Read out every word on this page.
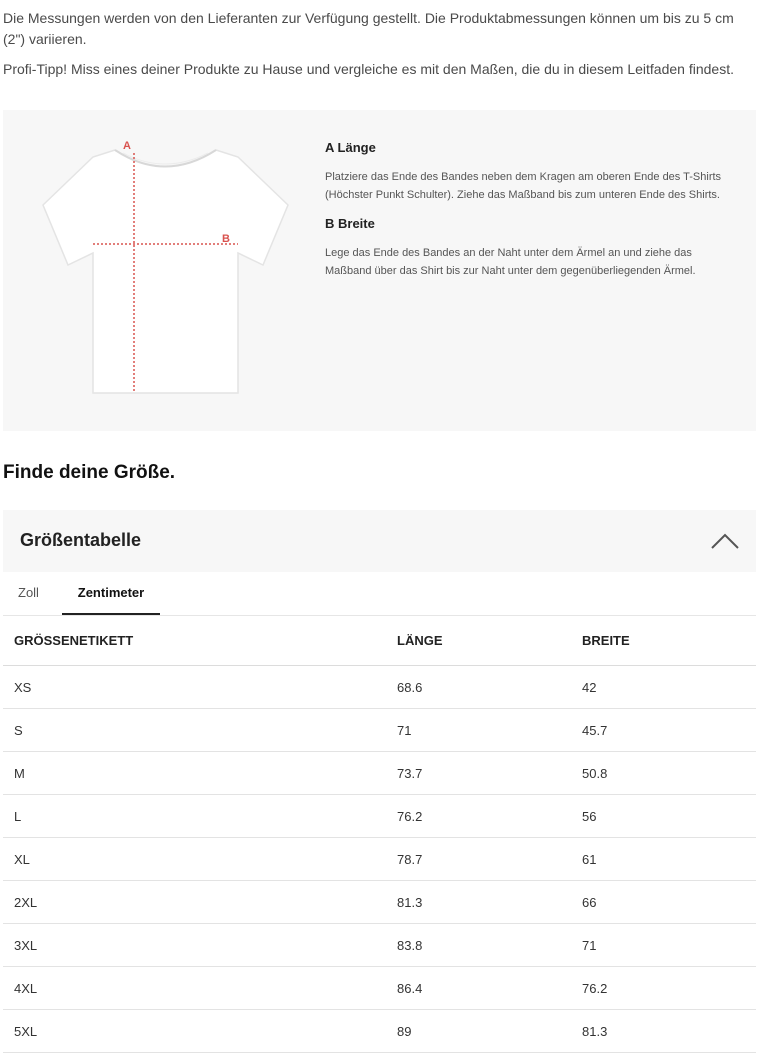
Die Messungen werden von den Lieferanten zur Verfügung gestellt. Die Produktabmessungen können um bis zu 5 cm (2") variieren.

Profi-Tipp! Miss eines deiner Produkte zu Hause und vergleiche es mit den Maßen, die du in diesem Leitfaden findest.

A
B
A Länge

Platziere das Ende des Bandes neben dem Kragen am oberen Ende des T-Shirts (Höchster Punkt Schulter). Ziehe das Maßband bis zum unteren Ende des Shirts.

B Breite

Lege das Ende des Bandes an der Naht unter dem Ärmel an und ziehe das Maßband über das Shirt bis zur Naht unter dem gegenüberliegenden Ärmel.

Finde deine Größe.
Größentabelle
Zoll	Zentimeter
GRÖSSENETIKETT	LÄNGE	BREITE
XS	68.6	42
S	71	45.7
M	73.7	50.8
L	76.2	56
XL	78.7	61
2XL	81.3	66
3XL	83.8	71
4XL	86.4	76.2
5XL	89	81.3
